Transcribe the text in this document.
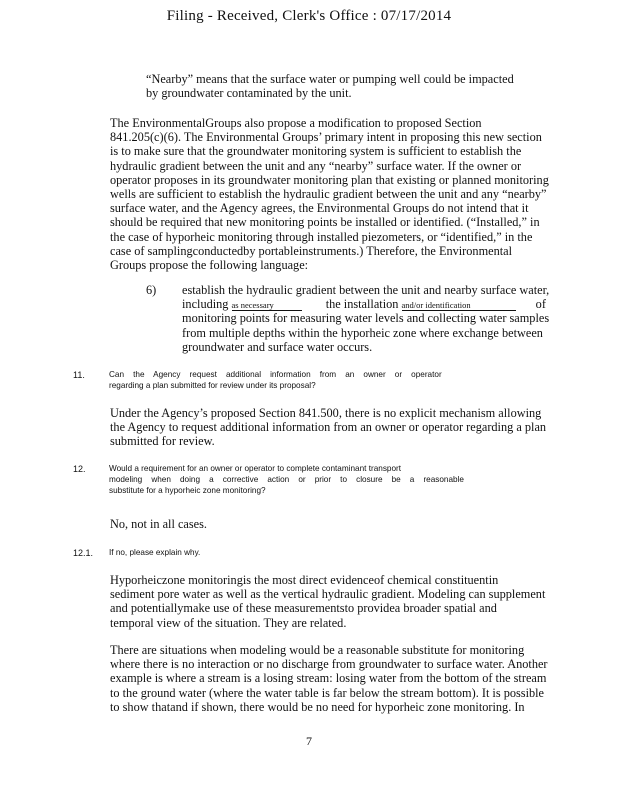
Filing - Received, Clerk's Office : 07/17/2014
“Nearby” means that the surface water or pumping well could be impacted
by groundwater contaminated by the unit.
The EnvironmentalGroups also propose a modification to proposed Section
841.205(c)(6). The Environmental Groups’ primary intent in proposing this new section
is to make sure that the groundwater monitoring system is sufficient to establish the
hydraulic gradient between the unit and any “nearby” surface water. If the owner or
operator proposes in its groundwater monitoring plan that existing or planned monitoring
wells are sufficient to establish the hydraulic gradient between the unit and any “nearby”
surface water, and the Agency agrees, the Environmental Groups do not intend that it
should be required that new monitoring points be installed or identified. (“Installed,” in
the case of hyporheic monitoring through installed piezometers, or “identified,” in the
case of samplingconductedby portableinstruments.) Therefore, the Environmental
Groups propose the following language:
6) establish the hydraulic gradient between the unit and nearby surface water,
including as necessary	the installation and/or identification	of
monitoring points for measuring water levels and collecting water samples
from multiple depths within the hyporheic zone where exchange between
groundwater and surface water occurs.
11.	Can    the    Agency    request    additional    information    from    an    owner    or    operator
regarding a plan submitted for review under its proposal?
Under the Agency’s proposed Section 841.500, there is no explicit mechanism allowing
the Agency to request additional information from an owner or operator regarding a plan
submitted for review.
12.	Would a requirement for an owner or operator to complete contaminant transport
modeling    when    doing    a    corrective    action    or    prior    to    closure    be    a    reasonable
substitute for a hyporheic zone monitoring?
No, not in all cases.
12.1. If no, please explain why.
Hyporheiczone monitoringis the most direct evidenceof chemical constituentin
sediment pore water as well as the vertical hydraulic gradient. Modeling can supplement
and potentiallymake use of these measurementsto providea broader spatial and
temporal view of the situation. They are related.
There are situations when modeling would be a reasonable substitute for monitoring
where there is no interaction or no discharge from groundwater to surface water. Another
example is where a stream is a losing stream: losing water from the bottom of the stream
to the ground water (where the water table is far below the stream bottom). It is possible
to show thatand if shown, there would be no need for hyporheic zone monitoring. In
7
